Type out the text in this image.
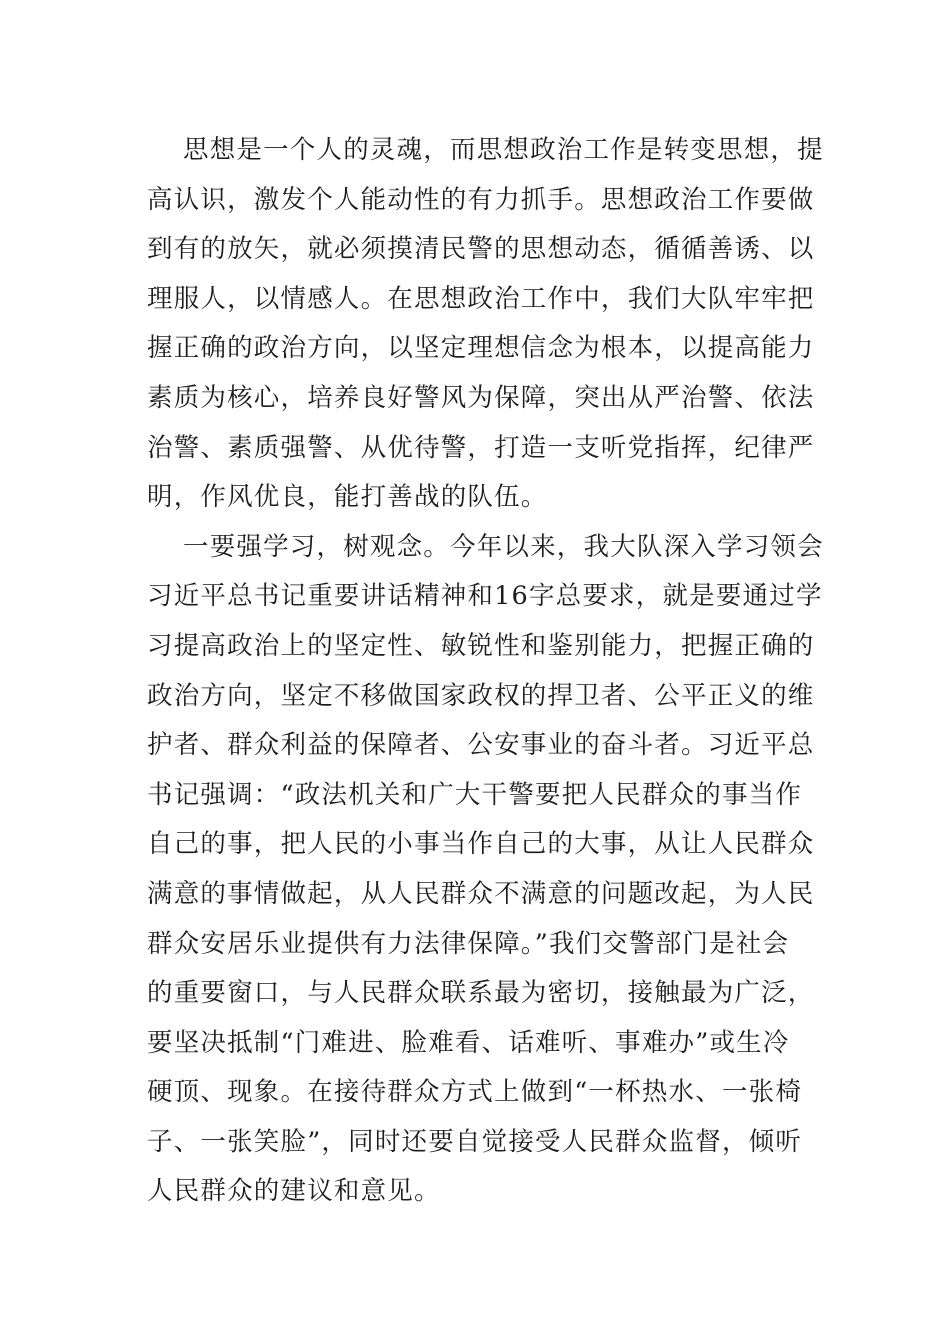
思想是一个人的灵魂，而思想政治工作是转变思想，提
高认识，激发个人能动性的有力抓手。思想政治工作要做
到有的放矢，就必须摸清民警的思想动态，循循善诱、以
理服人，以情感人。在思想政治工作中，我们大队牢牢把
握正确的政治方向，以坚定理想信念为根本，以提高能力
素质为核心，培养良好警风为保障，突出从严治警、依法
治警、素质强警、从优待警，打造一支听党指挥，纪律严
明，作风优良，能打善战的队伍。
一要强学习，树观念。今年以来，我大队深入学习领会
习近平总书记重要讲话精神和16字总要求，就是要通过学
习提高政治上的坚定性、敏锐性和鉴别能力，把握正确的
政治方向，坚定不移做国家政权的捍卫者、公平正义的维
护者、群众利益的保障者、公安事业的奋斗者。习近平总
书记强调：“政法机关和广大干警要把人民群众的事当作
自己的事，把人民的小事当作自己的大事，从让人民群众
满意的事情做起，从人民群众不满意的问题改起，为人民
群众安居乐业提供有力法律保障。”我们交警部门是社会
的重要窗口，与人民群众联系最为密切，接触最为广泛，
要坚决抵制“门难进、脸难看、话难听、事难办”或生冷
硬顶、现象。在接待群众方式上做到“一杯热水、一张椅
子、一张笑脸”，同时还要自觉接受人民群众监督，倾听
人民群众的建议和意见。
